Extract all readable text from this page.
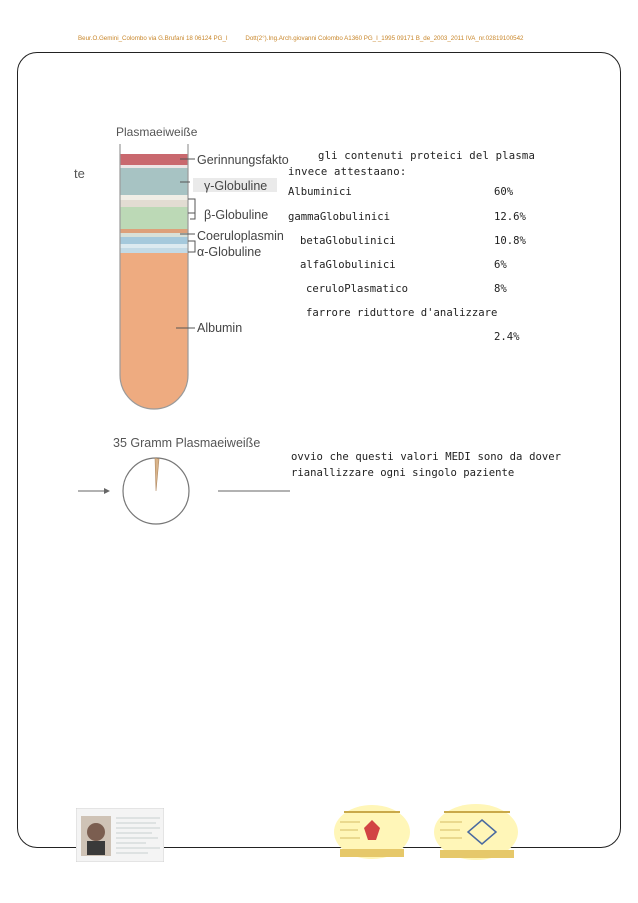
Beur.O.Gemini_Colombo via G.Brufani 18 06124 PG_I	Dott(2°).Ing.Arch.giovanni Colombo A1360 PG_I_1995 09171 B_de_2003_2011 IVA_nr.02819100542
te
Plasmaeiweiße
Gerinnungsfakto
γ-Globuline
β-Globuline
Coeruloplasmin
α-Globuline
Albumin
35 Gramm Plasmaeiweiße
gli contenuti proteici del plasma invece attestaano:
Albuminici	60%
gammaGlobulinici	12.6%
betaGlobulinici	10.8%
alfaGlobulinici	6%
ceruloPlasmatico	8%
farrore riduttore d'analizzare
2.4%
ovvio che questi valori MEDI sono da dover rianallizzare ogni singolo paziente
